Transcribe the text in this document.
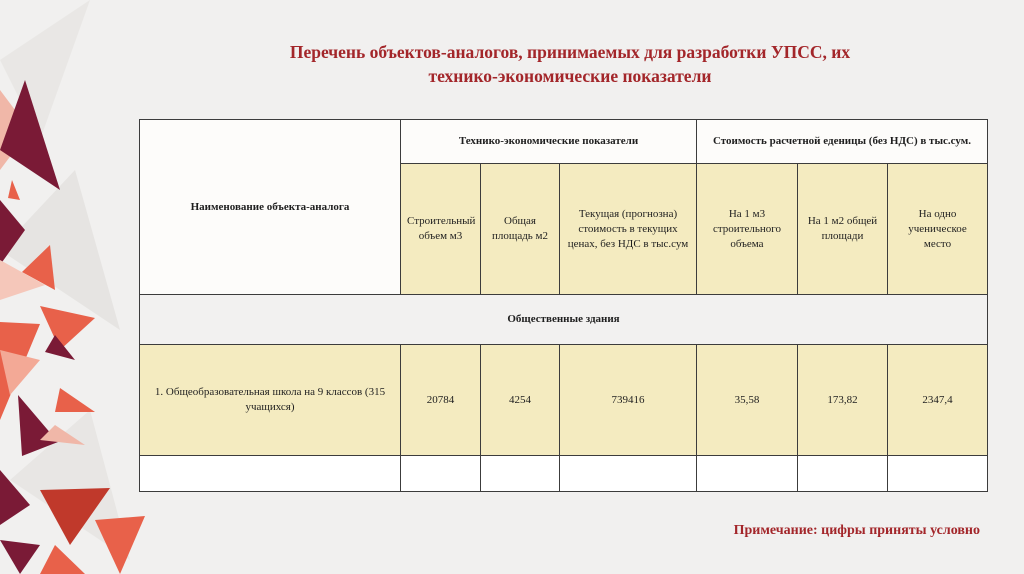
Перечень объектов-аналогов, принимаемых для разработки УПСС, их
технико-экономические показатели
Наименование объекта-аналога	Технико-экономические показатели			Стоимость расчетной еденицы (без НДС) в тыс.сум.		
	Строительный объем м3	Общая площадь м2	Текущая (прогнозна) стоимость в текущих ценах, без НДС в тыс.сум	На 1 м3 строительного объема	На 1 м2 общей площади	На одно ученическое место
Общественные здания						
1. Общеобразовательная школа на 9 классов (315 учащихся)	20784	4254	739416	35,58	173,82	2347,4

Примечание: цифры приняты условно
